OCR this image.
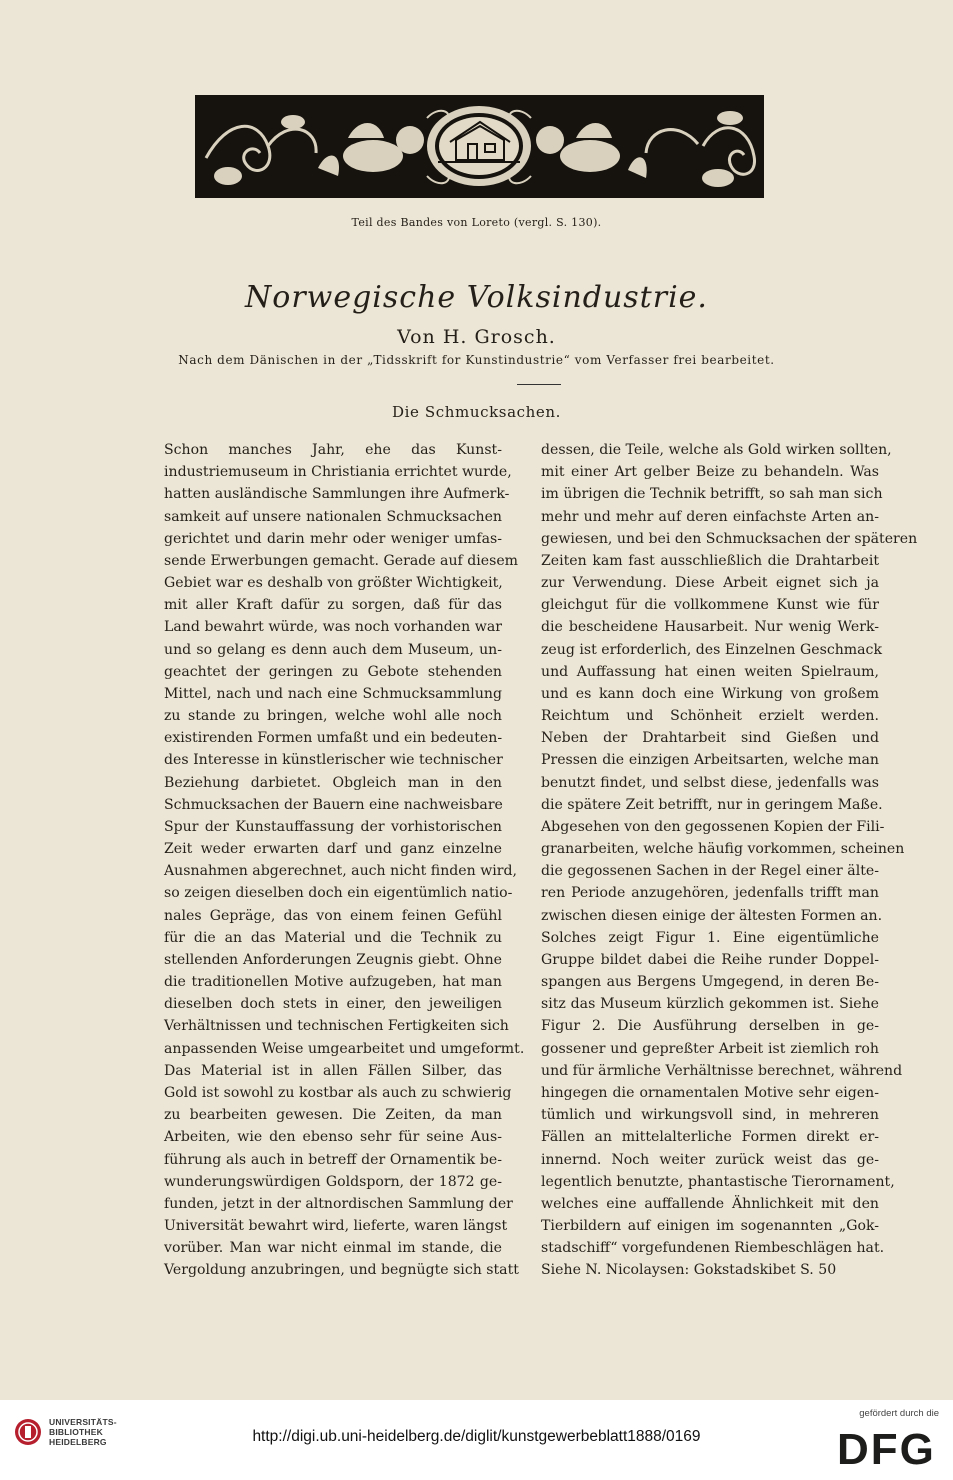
Teil des Bandes von Loreto (vergl. S. 130).
Norwegische Volksindustrie.
Von H. Grosch.
Nach dem Dänischen in der „Tidsskrift for Kunstindustrie“ vom Verfasser frei bearbeitet.
Die Schmucksachen.
Schon manches Jahr, ehe das Kunst-
industriemuseum in Christiania errichtet wurde,
hatten ausländische Sammlungen ihre Aufmerk-
samkeit auf unsere nationalen Schmucksachen
gerichtet und darin mehr oder weniger umfas-
sende Erwerbungen gemacht. Gerade auf diesem
Gebiet war es deshalb von größter Wichtigkeit,
mit aller Kraft dafür zu sorgen, daß für das
Land bewahrt würde, was noch vorhanden war
und so gelang es denn auch dem Museum, un-
geachtet der geringen zu Gebote stehenden
Mittel, nach und nach eine Schmucksammlung
zu stande zu bringen, welche wohl alle noch
existirenden Formen umfaßt und ein bedeuten-
des Interesse in künstlerischer wie technischer
Beziehung darbietet. Obgleich man in den
Schmucksachen der Bauern eine nachweisbare
Spur der Kunstauffassung der vorhistorischen
Zeit weder erwarten darf und ganz einzelne
Ausnahmen abgerechnet, auch nicht finden wird,
so zeigen dieselben doch ein eigentümlich natio-
nales Gepräge, das von einem feinen Gefühl
für die an das Material und die Technik zu
stellenden Anforderungen Zeugnis giebt. Ohne
die traditionellen Motive aufzugeben, hat man
dieselben doch stets in einer, den jeweiligen
Verhältnissen und technischen Fertigkeiten sich
anpassenden Weise umgearbeitet und umgeformt.
Das Material ist in allen Fällen Silber, das
Gold ist sowohl zu kostbar als auch zu schwierig
zu bearbeiten gewesen. Die Zeiten, da man
Arbeiten, wie den ebenso sehr für seine Aus-
führung als auch in betreff der Ornamentik be-
wunderungswürdigen Goldsporn, der 1872 ge-
funden, jetzt in der altnordischen Sammlung der
Universität bewahrt wird, lieferte, waren längst
vorüber. Man war nicht einmal im stande, die
Vergoldung anzubringen, und begnügte sich statt
dessen, die Teile, welche als Gold wirken sollten,
mit einer Art gelber Beize zu behandeln. Was
im übrigen die Technik betrifft, so sah man sich
mehr und mehr auf deren einfachste Arten an-
gewiesen, und bei den Schmucksachen der späteren
Zeiten kam fast ausschließlich die Drahtarbeit
zur Verwendung. Diese Arbeit eignet sich ja
gleichgut für die vollkommene Kunst wie für
die bescheidene Hausarbeit. Nur wenig Werk-
zeug ist erforderlich, des Einzelnen Geschmack
und Auffassung hat einen weiten Spielraum,
und es kann doch eine Wirkung von großem
Reichtum und Schönheit erzielt werden.
Neben der Drahtarbeit sind Gießen und
Pressen die einzigen Arbeitsarten, welche man
benutzt findet, und selbst diese, jedenfalls was
die spätere Zeit betrifft, nur in geringem Maße.
Abgesehen von den gegossenen Kopien der Fili-
granarbeiten, welche häufig vorkommen, scheinen
die gegossenen Sachen in der Regel einer älte-
ren Periode anzugehören, jedenfalls trifft man
zwischen diesen einige der ältesten Formen an.
Solches zeigt Figur 1. Eine eigentümliche
Gruppe bildet dabei die Reihe runder Doppel-
spangen aus Bergens Umgegend, in deren Be-
sitz das Museum kürzlich gekommen ist. Siehe
Figur 2. Die Ausführung derselben in ge-
gossener und gepreßter Arbeit ist ziemlich roh
und für ärmliche Verhältnisse berechnet, während
hingegen die ornamentalen Motive sehr eigen-
tümlich und wirkungsvoll sind, in mehreren
Fällen an mittelalterliche Formen direkt er-
innernd. Noch weiter zurück weist das ge-
legentlich benutzte, phantastische Tierornament,
welches eine auffallende Ähnlichkeit mit den
Tierbildern auf einigen im sogenannten „Gok-
stadschiff“ vorgefundenen Riembeschlägen hat.
Siehe N. Nicolaysen: Gokstadskibet S. 50
UNIVERSITÄTS-
BIBLIOTHEK
HEIDELBERG	http://digi.ub.uni-heidelberg.de/diglit/kunstgewerbeblatt1888/0169
gefördert durch die
DFG
